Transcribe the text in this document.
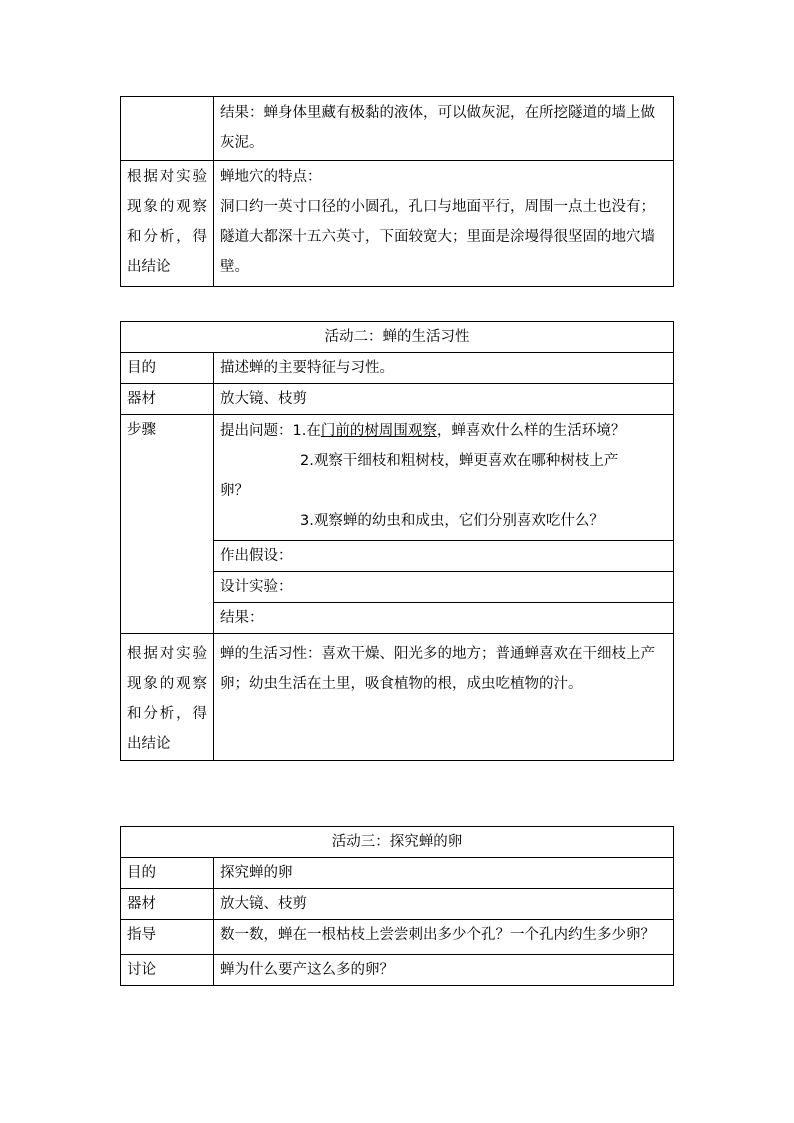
	结果：蝉身体里藏有极黏的液体，可以做灰泥，在所挖隧道的墙上做灰泥。
根据对实验现象的观察和分析，得出结论	蝉地穴的特点：
洞口约一英寸口径的小圆孔，孔口与地面平行，周围一点土也没有；隧道大都深十五六英寸，下面较宽大；里面是涂墁得很坚固的地穴墙壁。
活动二：蝉的生活习性	
目的	描述蝉的主要特征与习性。
器材	放大镜、枝剪
步骤	提出问题：1.在门前的树周围观察，蝉喜欢什么样的生活环境？
2.观察干细枝和粗树枝，蝉更喜欢在哪种树枝上产
卵？
3.观察蝉的幼虫和成虫，它们分别喜欢吃什么？

	作出假设：
	设计实验：
	结果：
根据对实验现象的观察和分析，得出结论	蝉的生活习性：喜欢干燥、阳光多的地方；普通蝉喜欢在干细枝上产卵；幼虫生活在土里，吸食植物的根，成虫吃植物的汁。
活动三：探究蝉的卵	
目的	探究蝉的卵
器材	放大镜、枝剪
指导	数一数，蝉在一根枯枝上尝尝刺出多少个孔？一个孔内约生多少卵？
讨论	蝉为什么要产这么多的卵？
